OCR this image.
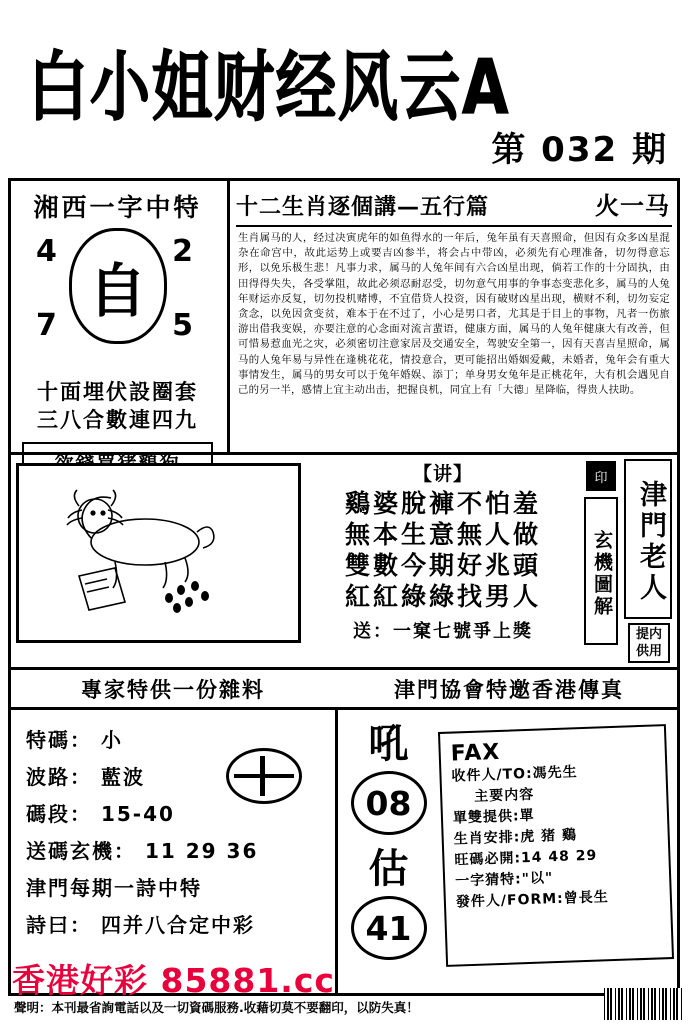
白小姐财经风云A
第 032 期
湘西一字中特
4	2
7	5
自
十面埋伏設圈套
三八合數連四九
十二生肖逐個講—五行篇	火一马
生肖属马的人，经过决寅虎年的如鱼得水的一年后，兔年虽有天喜照命，但因有众多凶星混杂在命宫中，故此运势上或要吉凶参半，将会占中带凶，必须先有心理准备，切勿得意忘形，以免乐极生悲！凡事力求，属马的人兔年间有六合凶星出现，倘若工作的十分固执，由田得得失失，各受掌阻，故此必须忍耐忍受，切勿意气用事的争事态变悲化多，属马的人兔年财运亦反复，切勿投机赌博，不宜借贷人投资，因有破财凶星出现，横财不利，切勿妄定贪念，以免因贪变贫，难本于在不过了，小心是男口者，尤其是于目上的事物，凡者一伤旅游出借我变娱，亦要注意的心念面对流言蜚语，健康方面，属马的人兔年健康大有改善，但可惜易惹血光之灾，必须密切注意家居及交通安全，驾驶安全第一，因有天喜吉星照命，属马的人兔年易与异性在逢桃花花，情投意合，更可能招出婚姻爱戴，未婚者，兔年会有重大事情发生，属马的男女可以于兔年婚娱、添丁；单身男女兔年是正桃花年，大有机会遇见自己的另一半，感情上宜主动出击，把握良机，同宜上有「大德」星降临，得贵人扶助。
【讲】
鷄婆脫褲不怕羞
無本生意無人做
雙數今期好兆頭
紅紅綠綠找男人
送：一窠七號爭上獎
印
玄機圖解 津門老人
提内供用
專家特供一份雜料	津門協會特邀香港傳真
特碼： 小
波路： 藍波
碼段： 15-40
送碼玄機： 11 29 36
津門每期一詩中特
詩曰： 四并八合定中彩
吼
08
估
41
FAX
收件人/TO:馮先生
主要内容
單雙提供:單
生肖安排:虎 猪 鷄
旺碼必開:14 48 29
一字猜特:"以"
發件人/FORM:曾長生
香港好彩 85881.cc
聲明：本刊最省詢電話以及一切資碼服務.收藉切莫不要翻印，以防失真！
